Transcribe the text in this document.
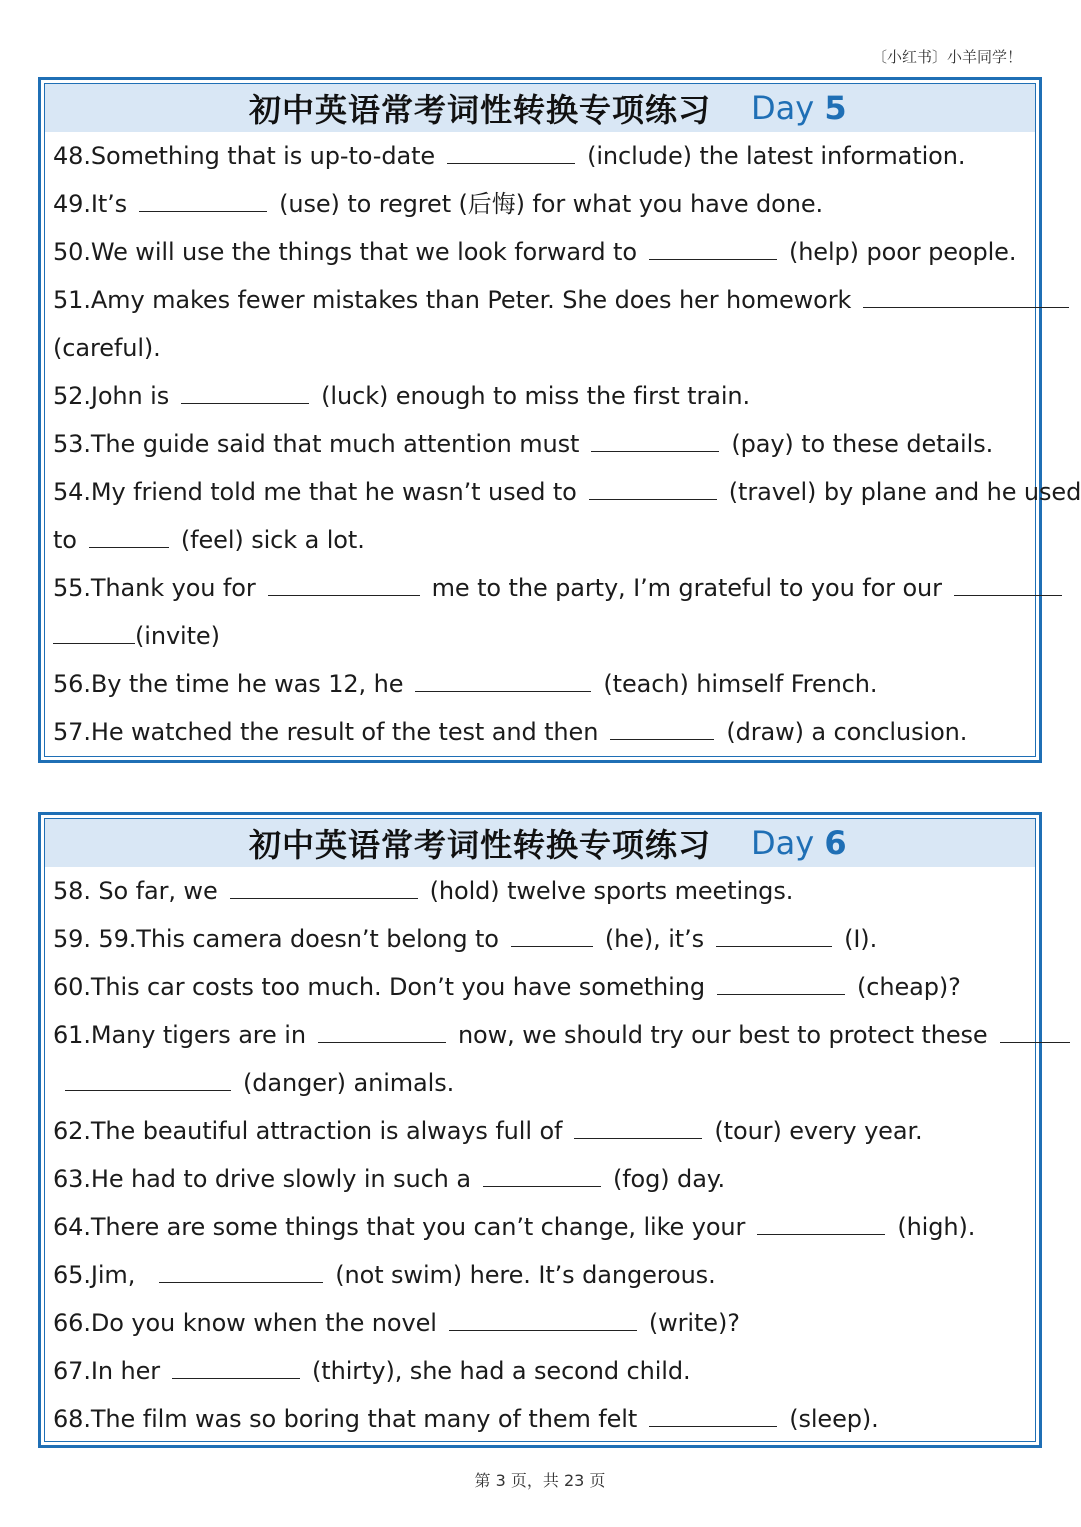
〔小红书〕小羊同学！
初中英语常考词性转换专项练习 Day 5
48.Something that is up-to-date	(include) the latest information.
49.It’s	(use) to regret (后悔) for what you have done.
50.We will use the things that we look forward to	(help) poor people.
51.Amy makes fewer mistakes than Peter. She does her homework
(careful).
52.John is	(luck) enough to miss the first train.
53.The guide said that much attention must	(pay) to these details.
54.My friend told me that he wasn’t used to	(travel) by plane and he used
to	(feel) sick a lot.
55.Thank you for	me to the party, I’m grateful to you for our
(invite)
56.By the time he was 12, he	(teach) himself French.
57.He watched the result of the test and then	(draw) a conclusion.
初中英语常考词性转换专项练习 Day 6
58. So far, we	(hold) twelve sports meetings.
59. 59.This camera doesn’t belong to	(he), it’s	(I).
60.This car costs too much. Don’t you have something	(cheap)?
61.Many tigers are in	now, we should try our best to protect these
(danger) animals.
62.The beautiful attraction is always full of	(tour) every year.
63.He had to drive slowly in such a	(fog) day.
64.There are some things that you can’t change, like your	(high).
65.Jim,	(not swim) here. It’s dangerous.
66.Do you know when the novel	(write)?
67.In her	(thirty), she had a second child.
68.The film was so boring that many of them felt	(sleep).
第 3 页，共 23 页
